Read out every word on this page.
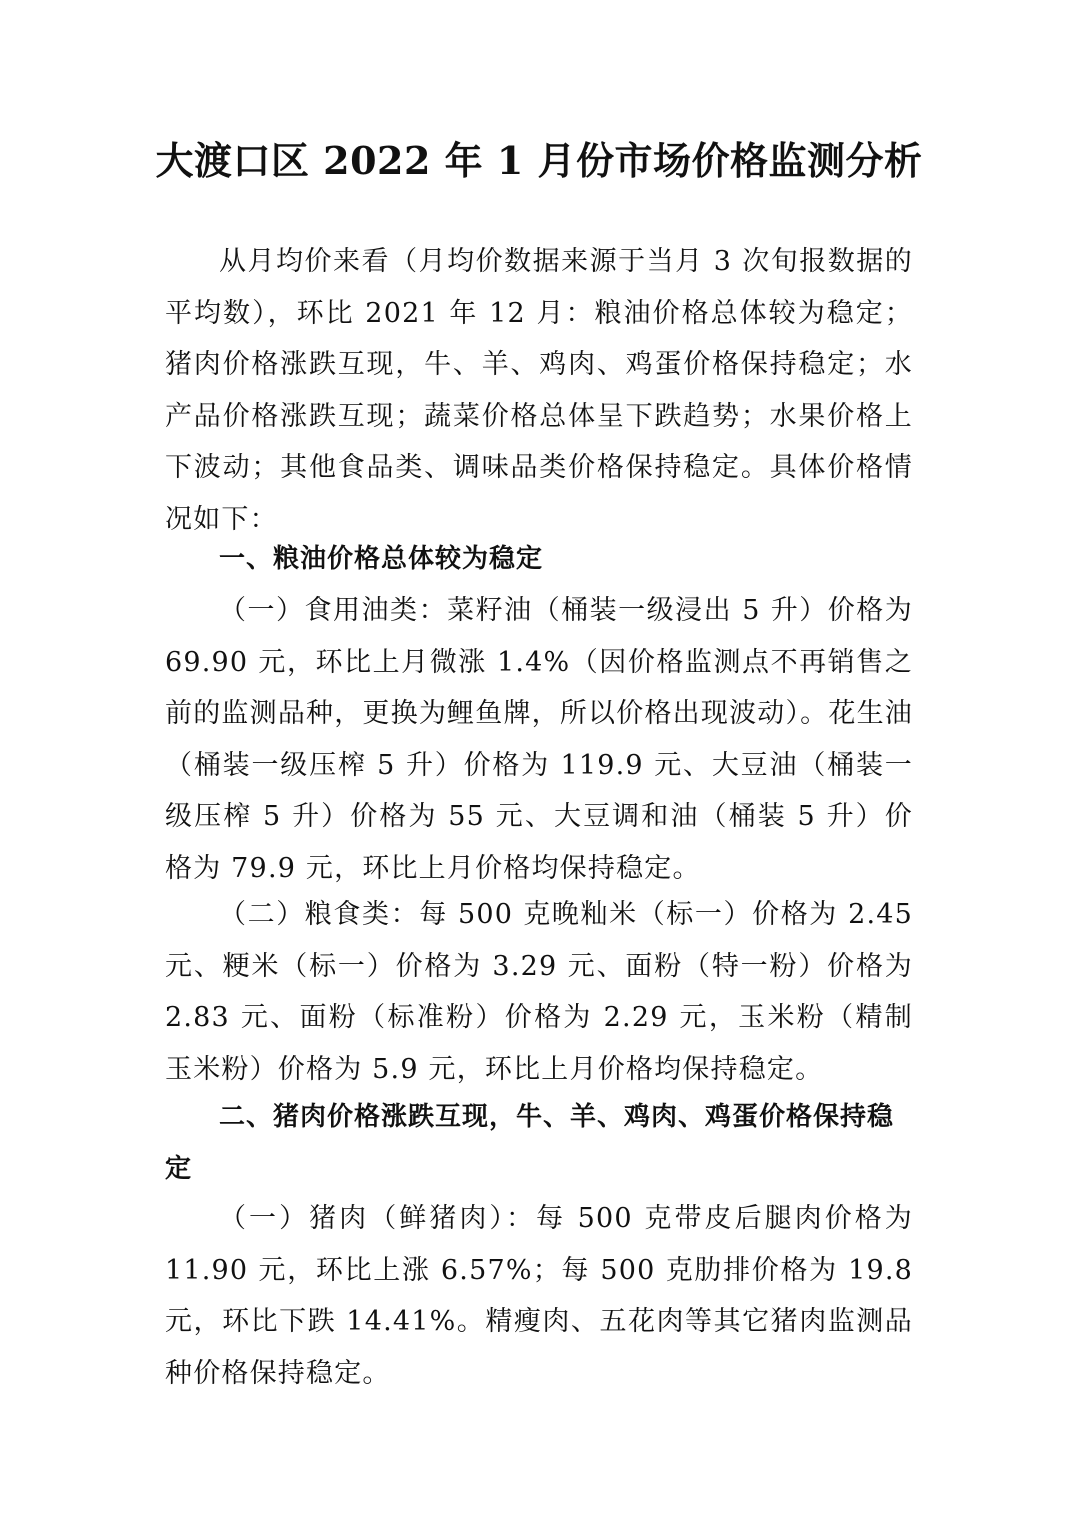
大渡口区 2022 年 1 月份市场价格监测分析

从月均价来看（月均价数据来源于当月 3 次旬报数据的平均数），环比 2021 年 12 月：粮油价格总体较为稳定；猪肉价格涨跌互现，牛、羊、鸡肉、鸡蛋价格保持稳定；水产品价格涨跌互现；蔬菜价格总体呈下跌趋势；水果价格上下波动；其他食品类、调味品类价格保持稳定。具体价格情况如下：

一、粮油价格总体较为稳定

（一）食用油类：菜籽油（桶装一级浸出 5 升）价格为 69.90 元，环比上月微涨 1.4%（因价格监测点不再销售之前的监测品种，更换为鲤鱼牌，所以价格出现波动）。花生油（桶装一级压榨 5 升）价格为 119.9 元、大豆油（桶装一级压榨 5 升）价格为 55 元、大豆调和油（桶装 5 升）价格为 79.9 元，环比上月价格均保持稳定。

（二）粮食类：每 500 克晚籼米（标一）价格为 2.45 元、粳米（标一）价格为 3.29 元、面粉（特一粉）价格为 2.83 元、面粉（标准粉）价格为 2.29 元，玉米粉（精制玉米粉）价格为 5.9 元，环比上月价格均保持稳定。

二、猪肉价格涨跌互现，牛、羊、鸡肉、鸡蛋价格保持稳定

（一）猪肉（鲜猪肉）：每 500 克带皮后腿肉价格为 11.90 元，环比上涨 6.57%；每 500 克肋排价格为 19.8 元，环比下跌 14.41%。精瘦肉、五花肉等其它猪肉监测品种价格保持稳定。
